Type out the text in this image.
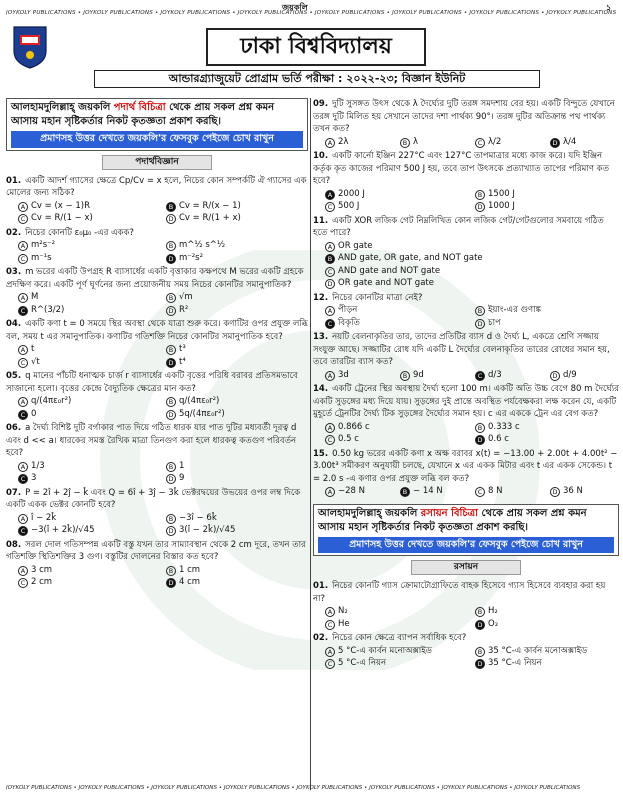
জয়কলি	১
JOYKOLY PUBLICATIONS • JOYKOLY PUBLICATIONS • JOYKOLY PUBLICATIONS • JOYKOLY PUBLICATIONS • JOYKOLY PUBLICATIONS • JOYKOLY PUBLICATIONS • JOYKOLY PUBLICATIONS • JOYKOLY PUBLICATIONS
ঢাকা বিশ্ববিদ্যালয়
আন্ডারগ্র্যাজুয়েট প্রোগ্রাম ভর্তি পরীক্ষা : ২০২২-২৩; বিজ্ঞান ইউনিট
আলহামদুলিল্লাহ্‌ জয়কলি পদার্থ বিচিত্রা থেকে প্রায় সকল প্রশ্ন কমন আসায় মহান সৃষ্টিকর্তার নিকট কৃতজ্ঞতা প্রকাশ করছি।
প্রমাণসহ উত্তর দেখতে জয়কলি'র ফেসবুক পেইজে চোখ রাখুন
পদার্থবিজ্ঞান
01. একটি আদর্শ গ্যাসের ক্ষেত্রে Cp/Cv = x হলে, নিচের কোন সম্পর্কটি ঐ গ্যাসের এক মোলের জন্য সঠিক?
A Cv = (x − 1)R	B Cv = R/(x − 1)
C Cv = R/(1 − x)	D Cv = R/(1 + x)
02. নিচের কোনটি ε₀μ₀ -এর একক?
A m²s⁻²	B m^½ s^½
C m⁻¹s	D m⁻²s²
03. m ভরের একটি উপগ্রহ R ব্যাসার্ধের একটি বৃত্তাকার কক্ষপথে M ভরের একটি গ্রহকে প্রদক্ষিণ করে। একটি পূর্ণ ঘূর্ণনের জন্য প্রয়োজনীয় সময় নিচের কোনটির সমানুপাতিক?
A M	B √m
C R^(3/2)	D R²
04. একটি কণা t = 0 সময়ে স্থির অবস্থা থেকে যাত্রা শুরু করে। কণাটির ওপর প্রযুক্ত লব্ধি বল, সময় t এর সমানুপাতিক। কণাটির গতিশক্তি নিচের কোনটির সমানুপাতিক হবে?
A t	B t³
C √t	D t⁴
05. q মানের পাঁচটি ধনাত্মক চার্জ r ব্যাসার্ধের একটি বৃত্তের পরিধি বরাবর প্রতিসমভাবে সাজানো হলো। বৃত্তের কেন্দ্রে বৈদ্যুতিক ক্ষেত্রের মান কত?
A q/(4πε₀r²)	B q/(4πε₀r²)
C 0	D 5q/(4πε₀r²)
06. a দৈর্ঘ্য বিশিষ্ট দুটি বর্গাকার পাত দিয়ে গঠিত ধারক যার পাত দুটির মধ্যবর্তী দূরত্ব d এবং d << a। ধারকের সমস্ত রৈখিক মাত্রা তিনগুণ করা হলে ধারকত্ব কতগুণ পরিবর্তন হবে?
A 1/3	B 1
C 3	D 9
07. P = 2î + 2ĵ − k̂ এবং Q = 6î + 3ĵ − 3k̂ ভেক্টরদ্বয়ের উভয়ের ওপর লম্ব দিকে একটি একক ভেক্টর কোনটি হবে?
A î − 2k̂	B −3î − 6k̂
C −3(î + 2k̂)/√45	D 3(î − 2k̂)/√45
08. সরল দোল গতিসম্পন্ন একটি বস্তু যখন তার সাম্যাবস্থান থেকে 2 cm দূরে, তখন তার গতিশক্তি স্থিতিশক্তির 3 গুণ। বস্তুটির দোলনের বিস্তার কত হবে?
A 3 cm	B 1 cm
C 2 cm	D 4 cm
09. দুটি সুসঙ্গত উৎস থেকে λ দৈর্ঘ্যের দুটি তরঙ্গ সমদশায় বের হয়। একটি বিন্দুতে যেখানে তরঙ্গ দুটি মিলিত হয় সেখানে তাদের দশা পার্থক্য 90°। তরঙ্গ দুটির অতিক্রান্ত পথ পার্থক্য তখন কত?
A 2λ	B λ	C λ/2	D λ/4
10. একটি কার্নো ইঞ্জিন 227°C এবং 127°C তাপমাত্রার মধ্যে কাজ করে। যদি ইঞ্জিন কর্তৃক কৃত কাজের পরিমাণ 500 J হয়, তবে তাপ উৎসকে প্রত্যাখ্যাত তাপের পরিমাণ কত হবে?
A 2000 J	B 1500 J
C 500 J	D 1000 J
11. একটি XOR লজিক গেট নিম্নলিখিত কোন লজিক গেট/গেটগুলোর সমবায়ে গঠিত হতে পারে?
A OR gate
B AND gate, OR gate, and NOT gate
C AND gate and NOT gate
D OR gate and NOT gate
12. নিচের কোনটির মাত্রা নেই?
A পীড়ন	B ইয়াং-এর গুণাঙ্ক
C বিকৃতি	D চাপ
13. নয়টি বেলনাকৃতির তার, তাদের প্রতিটির ব্যাস d ও দৈর্ঘ্য L, একত্রে শ্রেণি সজ্জায় সংযুক্ত আছে। সজ্জাটির রোধ যদি একটি L দৈর্ঘ্যের বেলনাকৃতির তারের রোধের সমান হয়, তবে তারটির ব্যাস কত?
A 3d	B 9d	C d/3	D d/9
14. একটি ট্রেনের স্থির অবস্থায় দৈর্ঘ্য হলো 100 m। একটি অতি উচ্চ বেগে 80 m দৈর্ঘ্যের একটি সুড়ঙ্গের মধ্য দিয়ে যায়। সুড়ঙ্গের দুই প্রান্তে অবস্থিত পর্যবেক্ষকরা লক্ষ করেন যে, একটি মুহূর্তে ট্রেনটির দৈর্ঘ্য টিক সুড়ঙ্গের দৈর্ঘ্যের সমান হয়। c এর এককে ট্রেন এর বেগ কত?
A 0.866 c	B 0.333 c
C 0.5 c	D 0.6 c
15. 0.50 kg ভরের একটি কণা x অক্ষ বরাবর x(t) = −13.00 + 2.00t + 4.00t² − 3.00t³ সমীকরণ অনুযায়ী চলছে, যেখানে x এর একক মিটার এবং t এর একক সেকেন্ড। t = 2.0 s -এ কণার ওপর প্রযুক্ত লব্ধি বল কত?
A −28 N	B − 14 N	C 8 N	D 36 N
আলহামদুলিল্লাহ্‌ জয়কলি রসায়ন বিচিত্রা থেকে প্রায় সকল প্রশ্ন কমন আসায় মহান সৃষ্টিকর্তার নিকট কৃতজ্ঞতা প্রকাশ করছি।
প্রমাণসহ উত্তর দেখতে জয়কলি'র ফেসবুক পেইজে চোখ রাখুন
রসায়ন
01. নিচের কোনটি গ্যাস ক্রোমাটোগ্রাফিতে বাহক হিসেবে গ্যাস হিসেবে ব্যবহার করা হয় না?
A N₂	B H₂
C He	D O₂
02. নিচের কোন ক্ষেত্রে ব্যাপন সর্বাধিক হবে?
A 5 °C-এ কার্বন মনোঅক্সাইড	B 35 °C-এ কার্বন মনোঅক্সাইড
C 5 °C-এ নিয়ন	D 35 °C-এ নিয়ন
JOYKOLY PUBLICATIONS • JOYKOLY PUBLICATIONS • JOYKOLY PUBLICATIONS • JOYKOLY PUBLICATIONS • JOYKOLY PUBLICATIONS • JOYKOLY PUBLICATIONS • JOYKOLY PUBLICATIONS • JOYKOLY PUBLICATIONS
